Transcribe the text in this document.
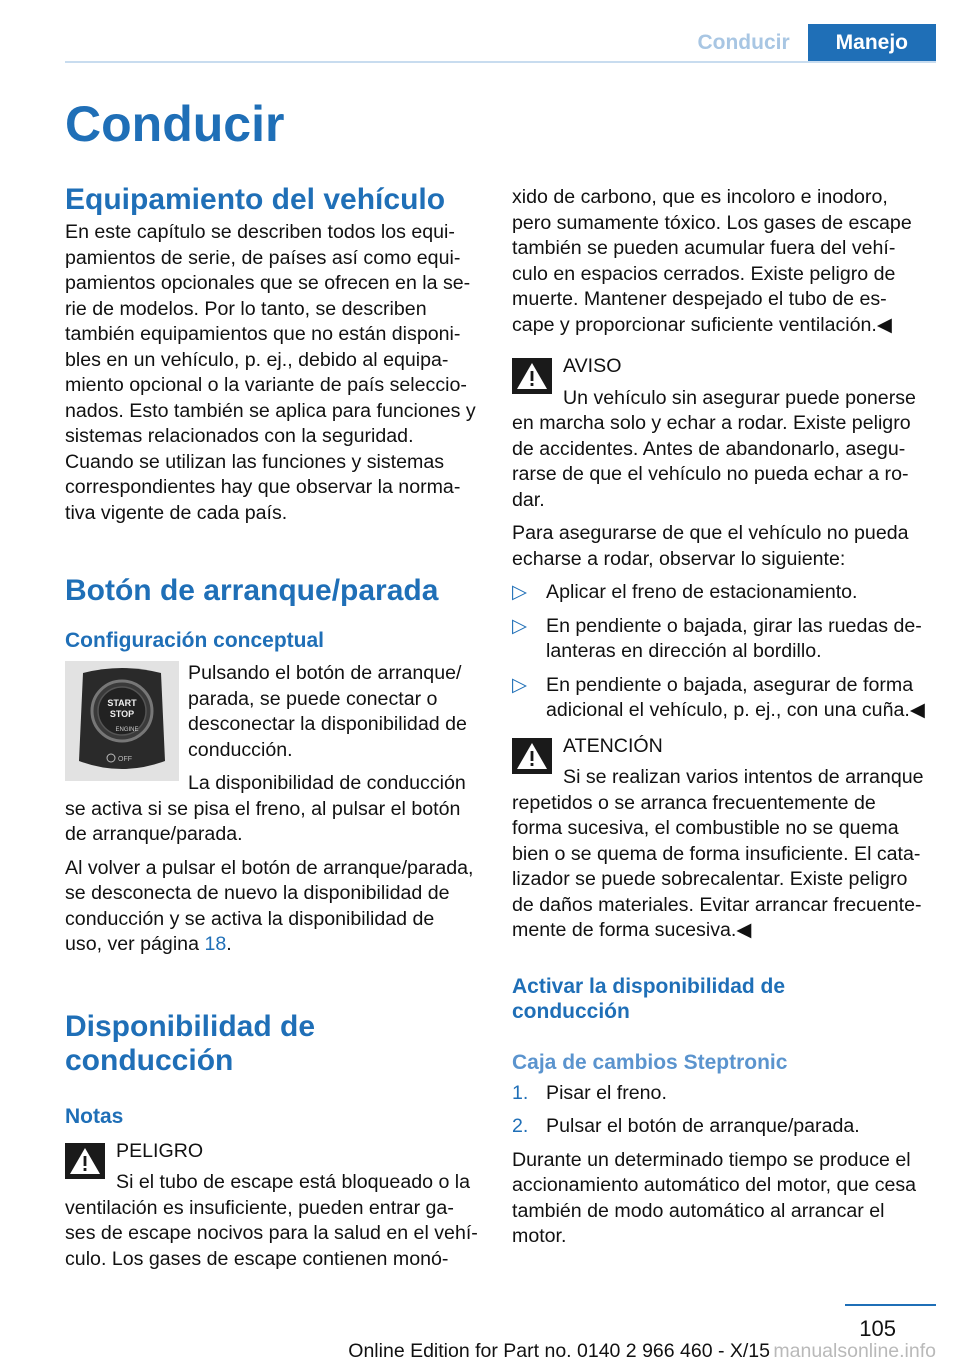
Conducir	Manejo
Conducir
Equipamiento del vehículo

En este capítulo se describen todos los equi-
pamientos de serie, de países así como equi-
pamientos opcionales que se ofrecen en la se-
rie de modelos. Por lo tanto, se describen
también equipamientos que no están disponi-
bles en un vehículo, p. ej., debido al equipa-
miento opcional o la variante de país seleccio-
nados. Esto también se aplica para funciones y
sistemas relacionados con la seguridad.
Cuando se utilizan las funciones y sistemas
correspondientes hay que observar la norma-
tiva vigente de cada país.

Botón de arranque/parada
Configuración conceptual
START
STOP
ENGINE
OFF

Pulsando el botón de arranque/
parada, se puede conectar o
desconectar la disponibilidad de
conducción.

La disponibilidad de conducción
se activa si se pisa el freno, al pulsar el botón
de arranque/parada.

Al volver a pulsar el botón de arranque/parada,
se desconecta de nuevo la disponibilidad de
conducción y se activa la disponibilidad de
uso, ver página 18.

Disponibilidad de
conducción
Notas

PELIGRO

Si el tubo de escape está bloqueado o la
ventilación es insuficiente, pueden entrar ga-
ses de escape nocivos para la salud en el vehí-
culo. Los gases de escape contienen monó-

xido de carbono, que es incoloro e inodoro,
pero sumamente tóxico. Los gases de escape
también se pueden acumular fuera del vehí-
culo en espacios cerrados. Existe peligro de
muerte. Mantener despejado el tubo de es-
cape y proporcionar suficiente ventilación.◀

AVISO

Un vehículo sin asegurar puede ponerse
en marcha solo y echar a rodar. Existe peligro
de accidentes. Antes de abandonarlo, asegu-
rarse de que el vehículo no pueda echar a ro-
dar.

Para asegurarse de que el vehículo no pueda
echarse a rodar, observar lo siguiente:

▷ Aplicar el freno de estacionamiento.
▷ En pendiente o bajada, girar las ruedas de-
lanteras en dirección al bordillo.
▷ En pendiente o bajada, asegurar de forma
adicional el vehículo, p. ej., con una cuña.◀

ATENCIÓN

Si se realizan varios intentos de arranque
repetidos o se arranca frecuentemente de
forma sucesiva, el combustible no se quema
bien o se quema de forma insuficiente. El cata-
lizador se puede sobrecalentar. Existe peligro
de daños materiales. Evitar arrancar frecuente-
mente de forma sucesiva.◀

Activar la disponibilidad de
conducción
Caja de cambios Steptronic
1. Pisar el freno.
2. Pulsar el botón de arranque/parada.

Durante un determinado tiempo se produce el
accionamiento automático del motor, que cesa
también de modo automático al arrancar el
motor.

105
Online Edition for Part no. 0140 2 966 460 - X/15 manualsonline.info
